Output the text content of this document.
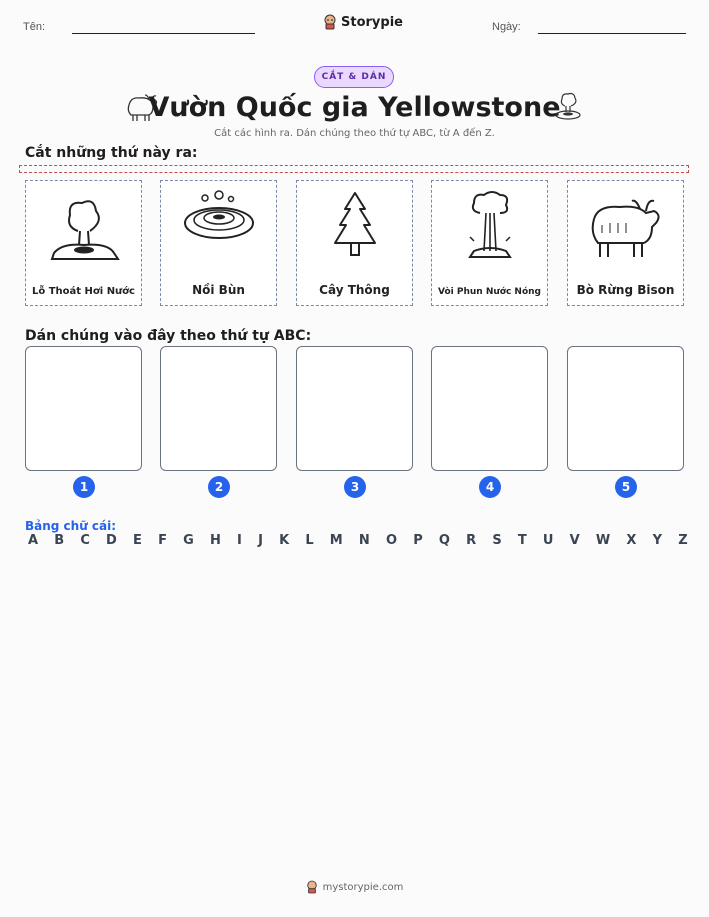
Tên:	Storypie	Ngày:
CẮT & DÁN
Vườn Quốc gia Yellowstone
Cắt các hình ra. Dán chúng theo thứ tự ABC, từ A đến Z.
Cắt những thứ này ra:
Lỗ Thoát Hơi Nước	Nồi Bùn	Cây Thông	Vòi Phun Nước Nóng	Bò Rừng Bison
Dán chúng vào đây theo thứ tự ABC:
1	2	3	4	5
Bảng chữ cái:
A B C D E F G H I J K L M N O P Q R S T U V W X Y Z
mystorypie.com
